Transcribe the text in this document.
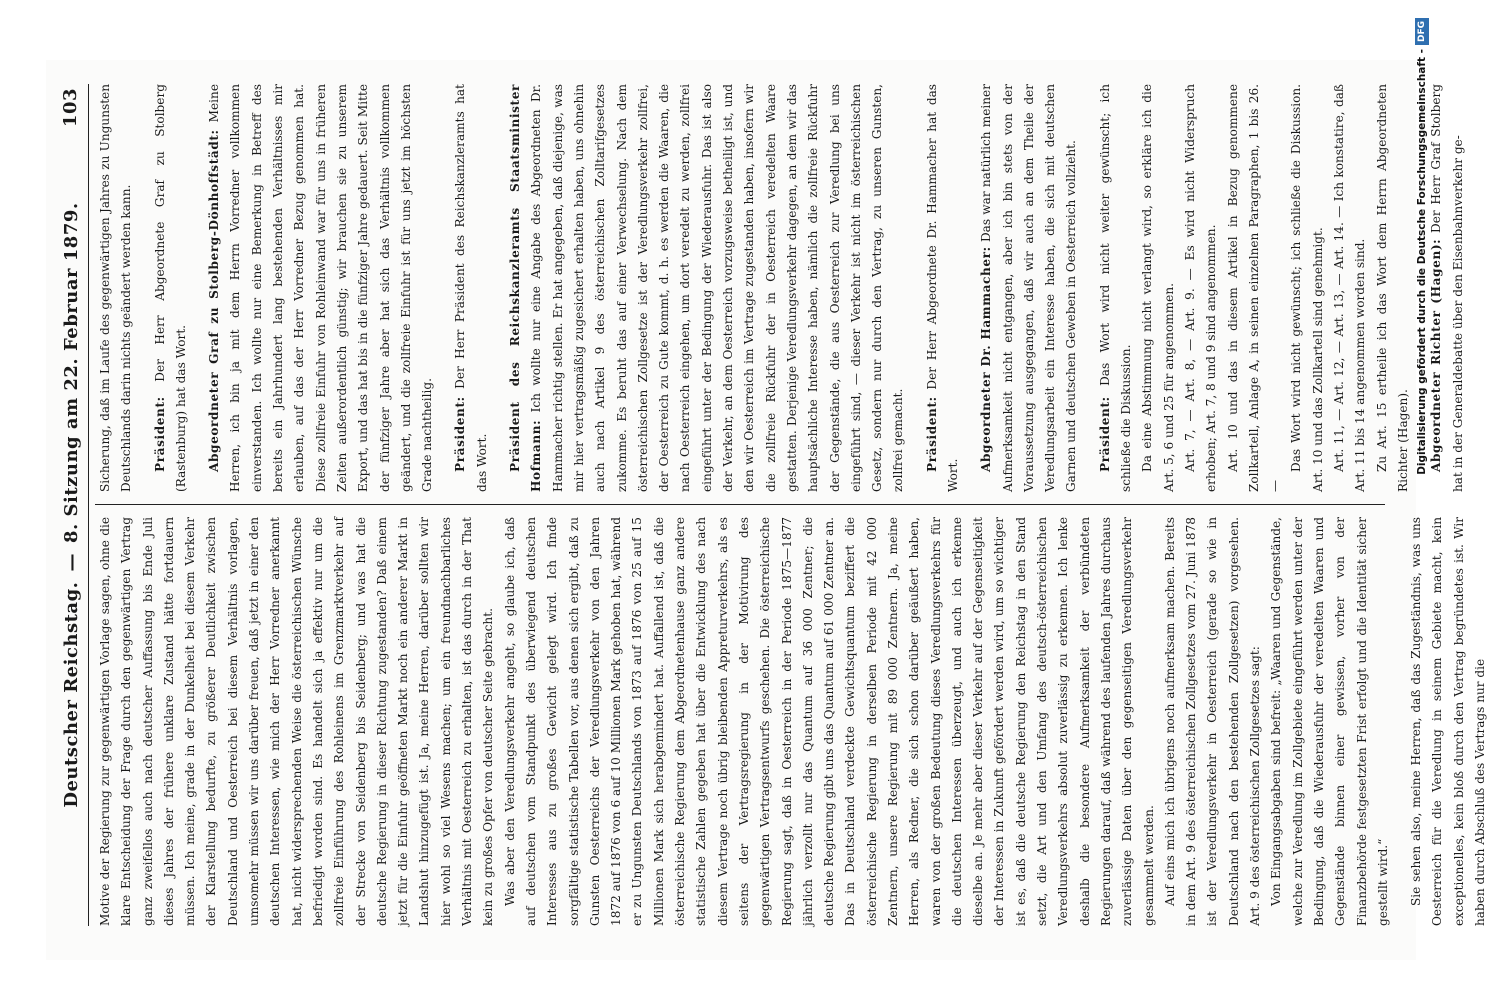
Deutscher Reichstag.—8. Sitzung am 22. Februar 1879.
103

Motive der Regierung zur gegenwärtigen Vorlage sagen, ohne die klare Entscheidung der Frage durch den gegenwärtigen Vertrag ganz zweifellos auch nach deutscher Auffassung bis Ende Juli dieses Jahres der frühere unklare Zustand hätte fortdauern müssen. Ich meine, grade in der Dunkelheit bei diesem Verkehr der Klarstellung bedurfte, zu größerer Deutlichkeit zwischen Deutschland und Oesterreich bei diesem Verhältnis vorlagen, umsomehr müssen wir uns darüber freuen, daß jetzt in einer den deutschen Interessen, wie mich der Herr Vorredner anerkannt hat, nicht widersprechenden Weise die österreichischen Wünsche befriedigt worden sind. Es handelt sich ja effektiv nur um die zollfreie Einführung des Rohleinens im Grenzmarktverkehr auf der Strecke von Seidenberg bis Seidenberg; und was hat die deutsche Regierung in dieser Richtung zugestanden? Daß einem jetzt für die Einfuhr geöffneten Markt noch ein anderer Markt in Landshut hinzugefügt ist. Ja, meine Herren, darüber sollten wir hier wohl so viel Wesens machen; um ein freundnachbarliches Verhältnis mit Oesterreich zu erhalten, ist das durch in der That kein zu großes Opfer von deutscher Seite gebracht. Was aber den Veredlungsverkehr angeht, so glaube ich, daß auf deutschen vom Standpunkt des überwiegend deutschen Interesses aus zu großes Gewicht gelegt wird. Ich finde sorgfältige statistische Tabellen vor, aus denen sich ergibt, daß zu Gunsten Oesterreichs der Veredlungsverkehr von den Jahren 1872 auf 1876 von 6 auf 10 Millionen Mark gehoben hat, während er zu Ungunsten Deutschlands von 1873 auf 1876 von 25 auf 15 Millionen Mark sich herabgemindert hat. Auffallend ist, daß die österreichische Regierung dem Abgeordnetenhause ganz andere statistische Zahlen gegeben hat über die Entwicklung des nach diesem Vertrage noch übrig bleibenden Appreturverkehrs, als es seitens der Vertragsregierung in der Motivirung des gegenwärtigen Vertragsentwurfs geschehen. Die österreichische Regierung sagt, daß in Oesterreich in der Periode 1875—1877 jährlich verzollt nur das Quantum auf 36 000 Zentner; die deutsche Regierung gibt uns das Quantum auf 61 000 Zentner an. Das in Deutschland verdeckte Gewichtsquantum beziffert die österreichische Regierung in derselben Periode mit 42 000 Zentnern, unsere Regierung mit 89 000 Zentnern. Ja, meine Herren, als Redner, die sich schon darüber geäußert haben, waren von der großen Bedeutung dieses Veredlungsverkehrs für die deutschen Interessen überzeugt, und auch ich erkenne dieselbe an. Je mehr aber dieser Verkehr auf der Gegenseitigkeit der Interessen in Zukunft gefördert werden wird, um so wichtiger ist es, daß die deutsche Regierung den Reichstag in den Stand setzt, die Art und den Umfang des deutsch-österreichischen Veredlungsverkehrs absolut zuverlässig zu erkennen. Ich lenke deshalb die besondere Aufmerksamkeit der verbündeten Regierungen darauf, daß während des laufenden Jahres durchaus zuverlässige Daten über den gegenseitigen Veredlungsverkehr gesammelt werden. Auf eins mich ich übrigens noch aufmerksam machen. Bereits in dem Art. 9 des österreichischen Zollgesetzes vom 27. Juni 1878 ist der Veredlungsverkehr in Oesterreich (gerade so wie in Deutschland nach den bestehenden Zollgesetzen) vorgesehen. Art. 9 des österreichischen Zollgesetzes sagt: Von Eingangsabgaben sind befreit: „Waaren und Gegenstände, welche zur Veredlung im Zollgebiete eingeführt werden unter der Bedingung, daß die Wiederausfuhr der veredelten Waaren und Gegenstände binnen einer gewissen, vorher von der Finanzbehörde festgesetzten Frist erfolgt und die Identität sicher gestellt wird.“	Sie sehen also, meine Herren, daß das Zugeständnis, was uns Oesterreich für die Veredlung in seinem Gebiete macht, kein exceptionelles, kein bloß durch den Vertrag begründetes ist. Wir haben durch Abschluß des Vertrags nur die

Sicherung, daß im Laufe des gegenwärtigen Jahres zu Ungunsten Deutschlands darin nichts geändert werden kann.	Präsident: Der Herr Abgeordnete Graf zu Stolberg (Rastenburg) hat das Wort.	Abgeordneter Graf zu Stolberg-Dönhoffstädt: Meine Herren, ich bin ja mit dem Herrn Vorredner vollkommen einverstanden. Ich wollte nur eine Bemerkung in Betreff des bereits ein Jahrhundert lang bestehenden Verhältnisses mir erlauben, auf das der Herr Vorredner Bezug genommen hat. Diese zollfreie Einfuhr von Rohleinwand war für uns in früheren Zeiten außerordentlich günstig; wir brauchen sie zu unserem Export, und das hat bis in die fünfziger Jahre gedauert. Seit Mitte der fünfziger Jahre aber hat sich das Verhältnis vollkommen geändert, und die zollfreie Einfuhr ist für uns jetzt im höchsten Grade nachtheilig.	Präsident: Der Herr Präsident des Reichskanzleramts hat das Wort.	Präsident des Reichskanzleramts Staatsminister Hofmann: Ich wollte nur eine Angabe des Abgeordneten Dr. Hammacher richtig stellen. Er hat angegeben, daß diejenige, was mir hier vertragsmäßig zugesichert erhalten haben, uns ohnehin auch nach Artikel 9 des österreichischen Zolltarifgesetzes zukomme. Es beruht das auf einer Verwechselung. Nach dem österreichischen Zollgesetze ist der Veredlungsverkehr zollfrei, der Oesterreich zu Gute kommt, d. h. es werden die Waaren, die nach Oesterreich eingehen, um dort veredelt zu werden, zollfrei eingeführt unter der Bedingung der Wiederausfuhr. Das ist also der Verkehr, an dem Oesterreich vorzugsweise betheiligt ist, und den wir Oesterreich im Vertrage zugestanden haben, insofern wir die zollfreie Rückfuhr der in Oesterreich veredelten Waare gestatten. Derjenige Veredlungsverkehr dagegen, an dem wir das hauptsächliche Interesse haben, nämlich die zollfreie Rückfuhr der Gegenstände, die aus Oesterreich zur Veredlung bei uns eingeführt sind, — dieser Verkehr ist nicht im österreichischen Gesetz, sondern nur durch den Vertrag, zu unseren Gunsten, zollfrei gemacht.	Präsident: Der Herr Abgeordnete Dr. Hammacher hat das Wort.

Abgeordneter Dr. Hammacher: Das war natürlich meiner Aufmerksamkeit nicht entgangen, aber ich bin stets von der Voraussetzung ausgegangen, daß wir auch an dem Theile der Veredlungsarbeit ein Interesse haben, die sich mit deutschen Garnen und deutschen Geweben in Oesterreich vollzieht.	Präsident: Das Wort wird nicht weiter gewünscht; ich schließe die Diskussion. Da eine Abstimmung nicht verlangt wird, so erkläre ich die Art. 5, 6 und 25 für angenommen. Art. 7, — Art. 8, — Art. 9. — Es wird nicht Widerspruch erhoben; Art. 7, 8 und 9 sind angenommen. Art. 10 und das in diesem Artikel in Bezug genommene Zollkartell, Anlage A, in seinen einzelnen Paragraphen, 1 bis 26. —

Das Wort wird nicht gewünscht; ich schließe die Diskussion. Art. 10 und das Zollkartell sind genehmigt. Art. 11, — Art. 12, — Art. 13, — Art. 14. — Ich konstatire, daß Art. 11 bis 14 angenommen worden sind. Zu Art. 15 ertheile ich das Wort dem Herrn Abgeordneten Richter (Hagen).	Abgeordneter Richter (Hagen): Der Herr Graf Stolberg hat in der Generaldebatte über den Eisenbahnverkehr ge-

Digitalisierung gefördert durch die Deutsche Forschungsgemeinschaft -
DFG
